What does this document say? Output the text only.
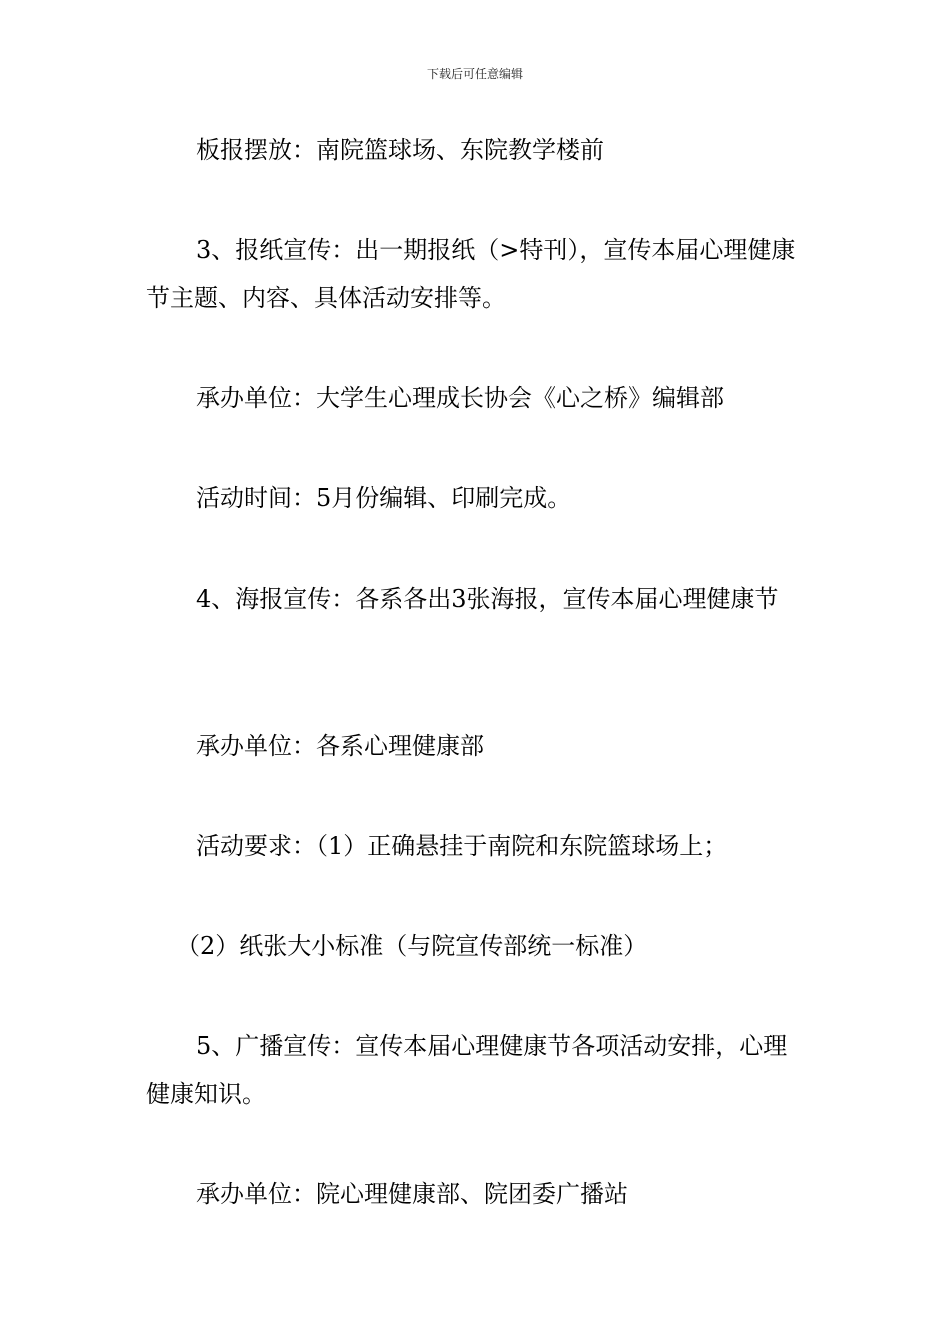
下载后可任意编辑

板报摆放：南院篮球场、东院教学楼前

3、报纸宣传：出一期报纸（>特刊），宣传本届心理健康节主题、内容、具体活动安排等。

承办单位：大学生心理成长协会《心之桥》编辑部

活动时间：5月份编辑、印刷完成。

4、海报宣传：各系各出3张海报，宣传本届心理健康节

承办单位：各系心理健康部

活动要求：（1）正确悬挂于南院和东院篮球场上；

（2）纸张大小标准（与院宣传部统一标准）

5、广播宣传：宣传本届心理健康节各项活动安排，心理健康知识。

承办单位：院心理健康部、院团委广播站
